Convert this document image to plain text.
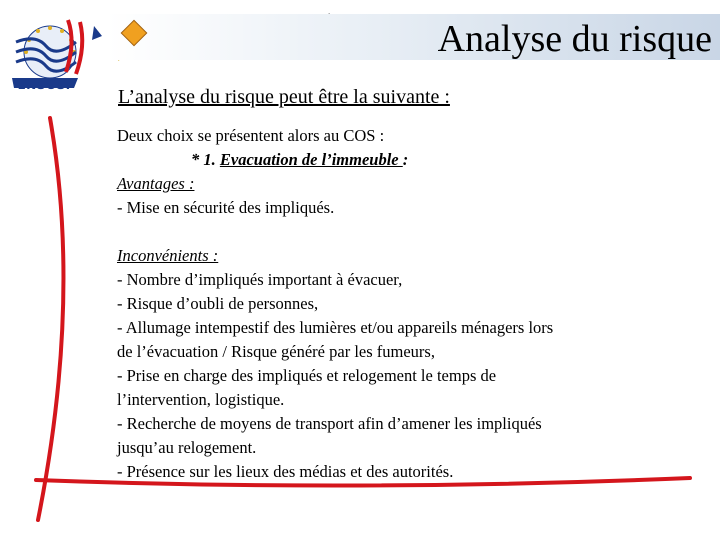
ENSOSP
Analyse du risque
L’analyse du risque peut être la suivante :
Deux choix se présentent alors au COS :
* 1. Evacuation de l’immeuble :
Avantages :
- Mise en sécurité des impliqués.
Inconvénients :
- Nombre d’impliqués important à évacuer,
- Risque d’oubli de personnes,
- Allumage intempestif des lumières et/ou appareils ménagers lors
de l’évacuation / Risque généré par les fumeurs,
- Prise en charge des impliqués et relogement le temps de
l’intervention, logistique.
- Recherche de moyens de transport afin d’amener les impliqués
jusqu’au relogement.
- Présence sur les lieux des médias et des autorités.
